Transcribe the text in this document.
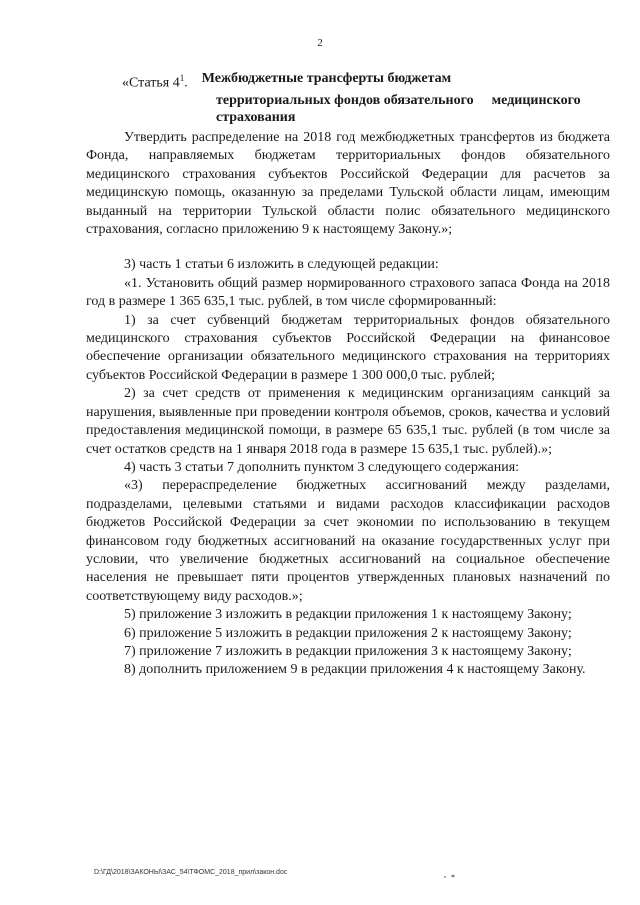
2
«Статья $4^1$. Межбюджетные трансферты бюджетам
территориальных фондов обязательного медицинского
страхования

Утвердить распределение на 2018 год межбюджетных трансфертов из бюджета Фонда, направляемых бюджетам территориальных фондов обязательного медицинского страхования субъектов Российской Федерации для расчетов за медицинскую помощь, оказанную за пределами Тульской области лицам, имеющим выданный на территории Тульской области полис обязательного медицинского страхования, согласно приложению 9 к настоящему Закону.»;

3) часть 1 статьи 6 изложить в следующей редакции:

«1. Установить общий размер нормированного страхового запаса Фонда на 2018 год в размере 1 365 635,1 тыс. рублей, в том числе сформированный:

1) за счет субвенций бюджетам территориальных фондов обязательного медицинского страхования субъектов Российской Федерации на финансовое обеспечение организации обязательного медицинского страхования на территориях субъектов Российской Федерации в размере 1 300 000,0 тыс. рублей;

2) за счет средств от применения к медицинским организациям санкций за нарушения, выявленные при проведении контроля объемов, сроков, качества и условий предоставления медицинской помощи, в размере 65 635,1 тыс. рублей (в том числе за счет остатков средств на 1 января 2018 года в размере 15 635,1 тыс. рублей).»;

4) часть 3 статьи 7 дополнить пунктом 3 следующего содержания:

«3) перераспределение бюджетных ассигнований между разделами, подразделами, целевыми статьями и видами расходов классификации расходов бюджетов Российской Федерации за счет экономии по использованию в текущем финансовом году бюджетных ассигнований на оказание государственных услуг при условии, что увеличение бюджетных ассигнований на социальное обеспечение населения не превышает пяти процентов утвержденных плановых назначений по соответствующему виду расходов.»;

5) приложение 3 изложить в редакции приложения 1 к настоящему Закону;

6) приложение 5 изложить в редакции приложения 2 к настоящему Закону;

7) приложение 7 изложить в редакции приложения 3 к настоящему Закону;

8) дополнить приложением 9 в редакции приложения 4 к настоящему Закону.

D:\ГД\2018\ЗАКОНЫ\ЗАС_54\ТФОМС_2018_прил\закон.doc
